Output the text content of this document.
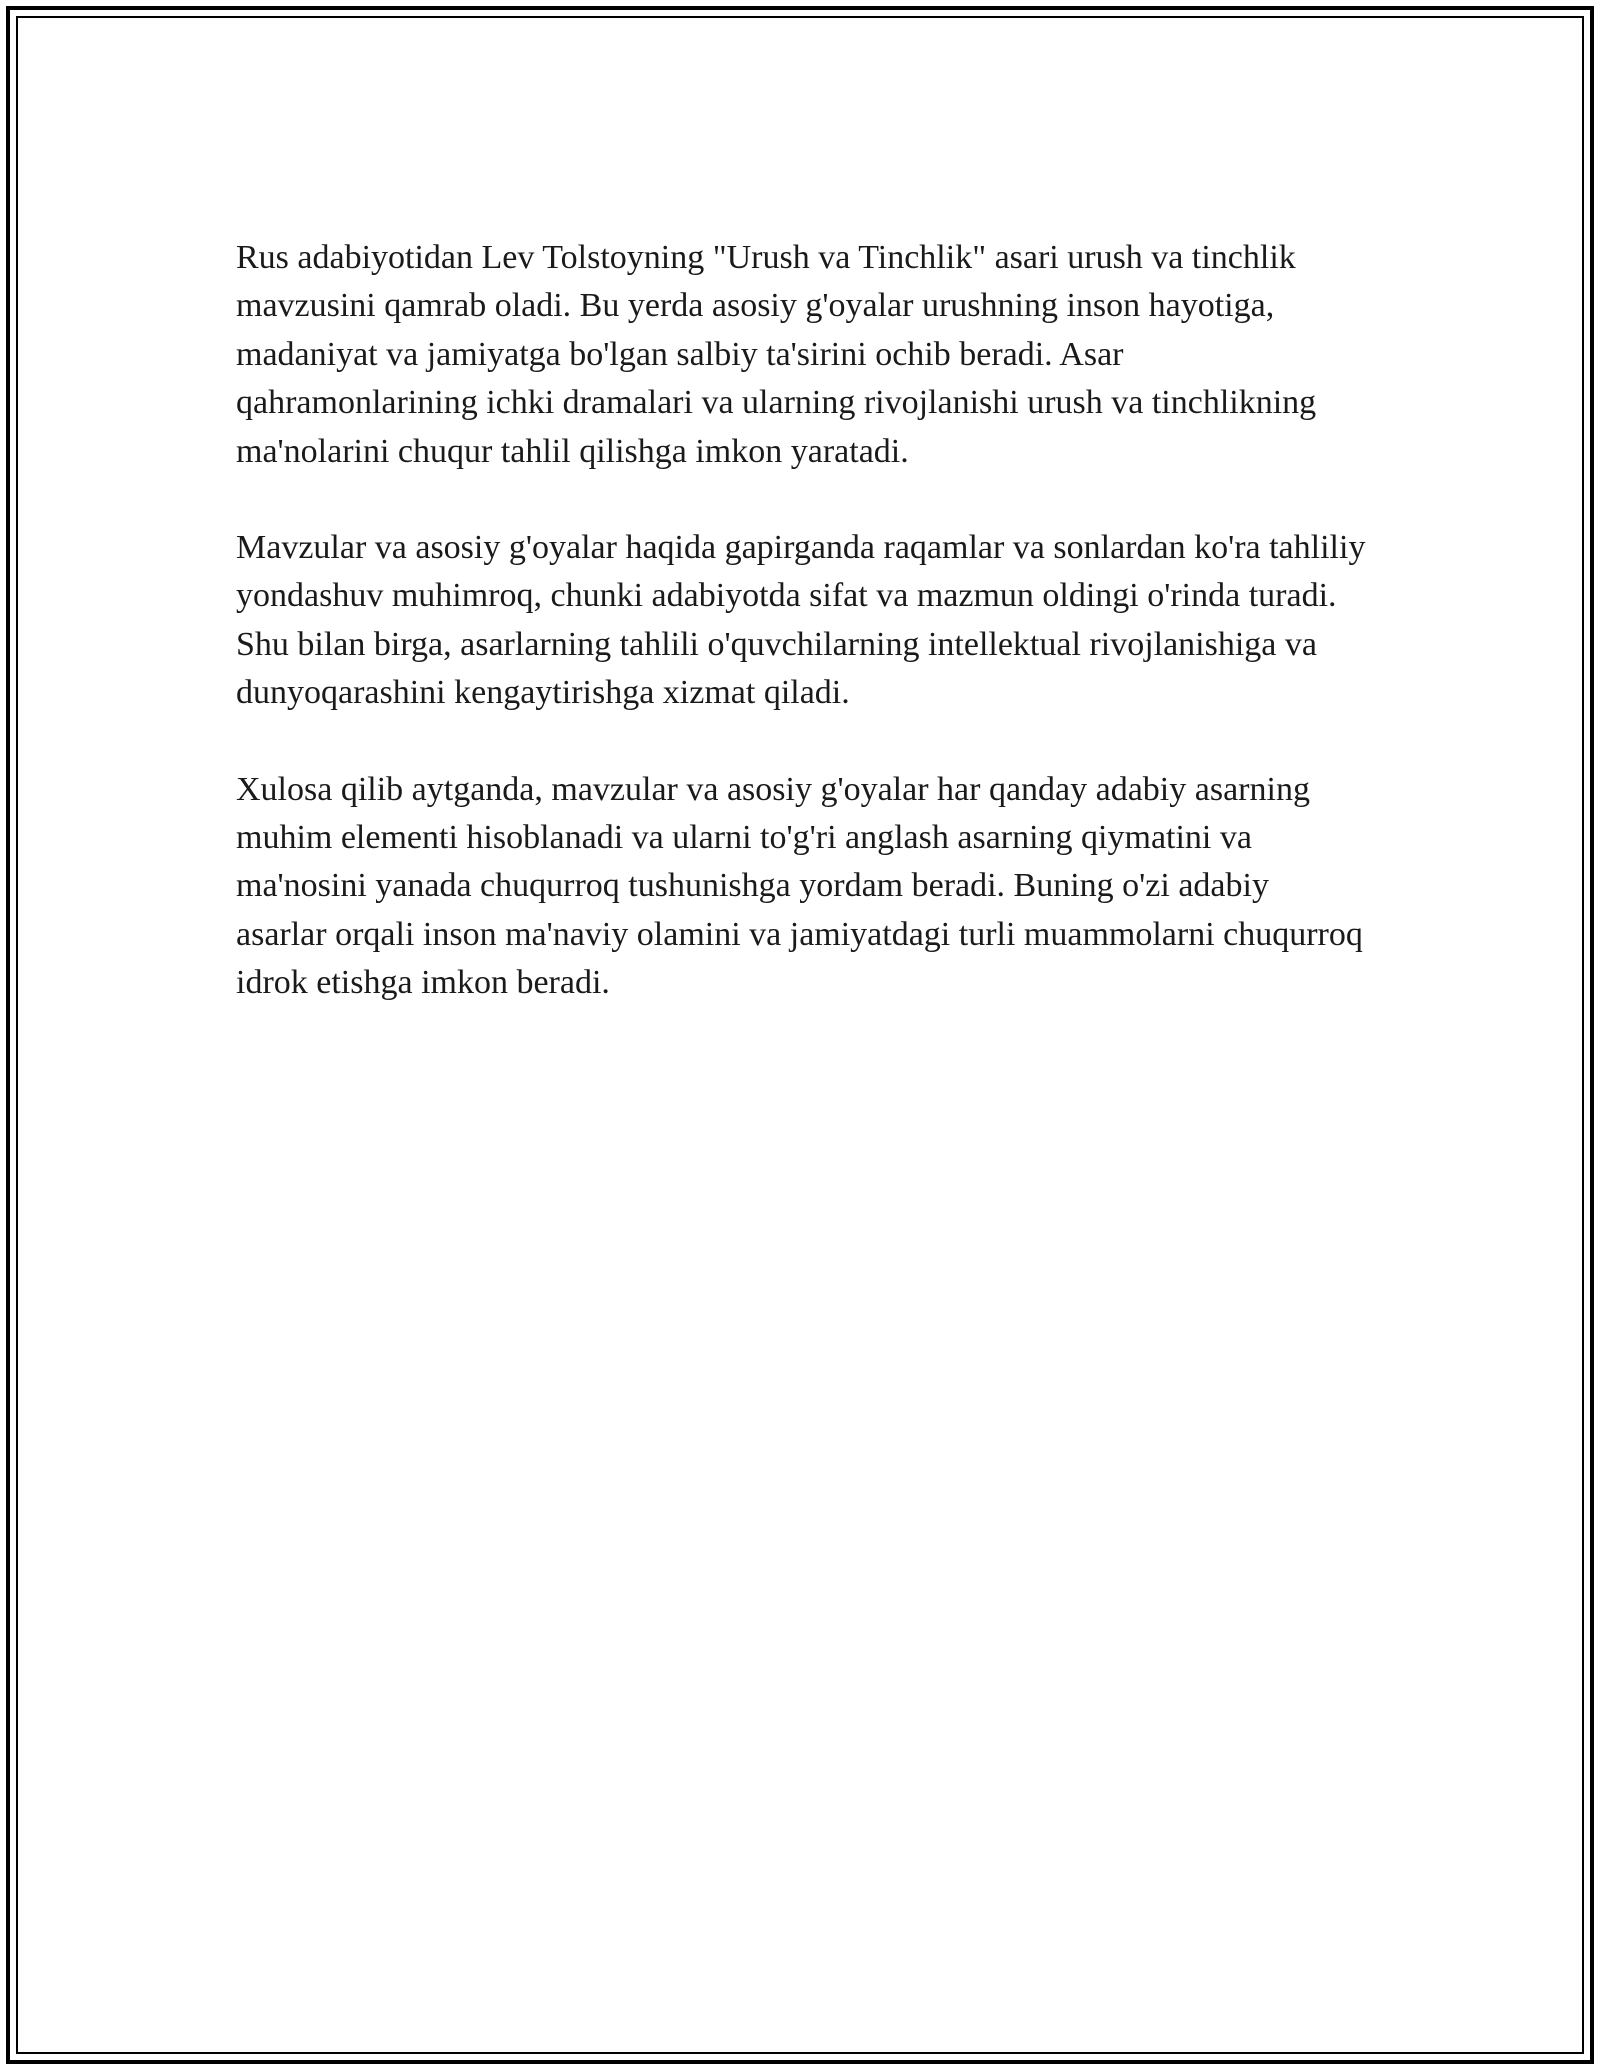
Rus adabiyotidan Lev Tolstoyning "Urush va Tinchlik" asari urush va tinchlik mavzusini qamrab oladi. Bu yerda asosiy g'oyalar urushning inson hayotiga, madaniyat va jamiyatga bo'lgan salbiy ta'sirini ochib beradi. Asar qahramonlarining ichki dramalari va ularning rivojlanishi urush va tinchlikning ma'nolarini chuqur tahlil qilishga imkon yaratadi.

Mavzular va asosiy g'oyalar haqida gapirganda raqamlar va sonlardan ko'ra tahliliy yondashuv muhimroq, chunki adabiyotda sifat va mazmun oldingi o'rinda turadi. Shu bilan birga, asarlarning tahlili o'quvchilarning intellektual rivojlanishiga va dunyoqarashini kengaytirishga xizmat qiladi.

Xulosa qilib aytganda, mavzular va asosiy g'oyalar har qanday adabiy asarning muhim elementi hisoblanadi va ularni to'g'ri anglash asarning qiymatini va ma'nosini yanada chuqurroq tushunishga yordam beradi. Buning o'zi adabiy asarlar orqali inson ma'naviy olamini va jamiyatdagi turli muammolarni chuqurroq idrok etishga imkon beradi.
